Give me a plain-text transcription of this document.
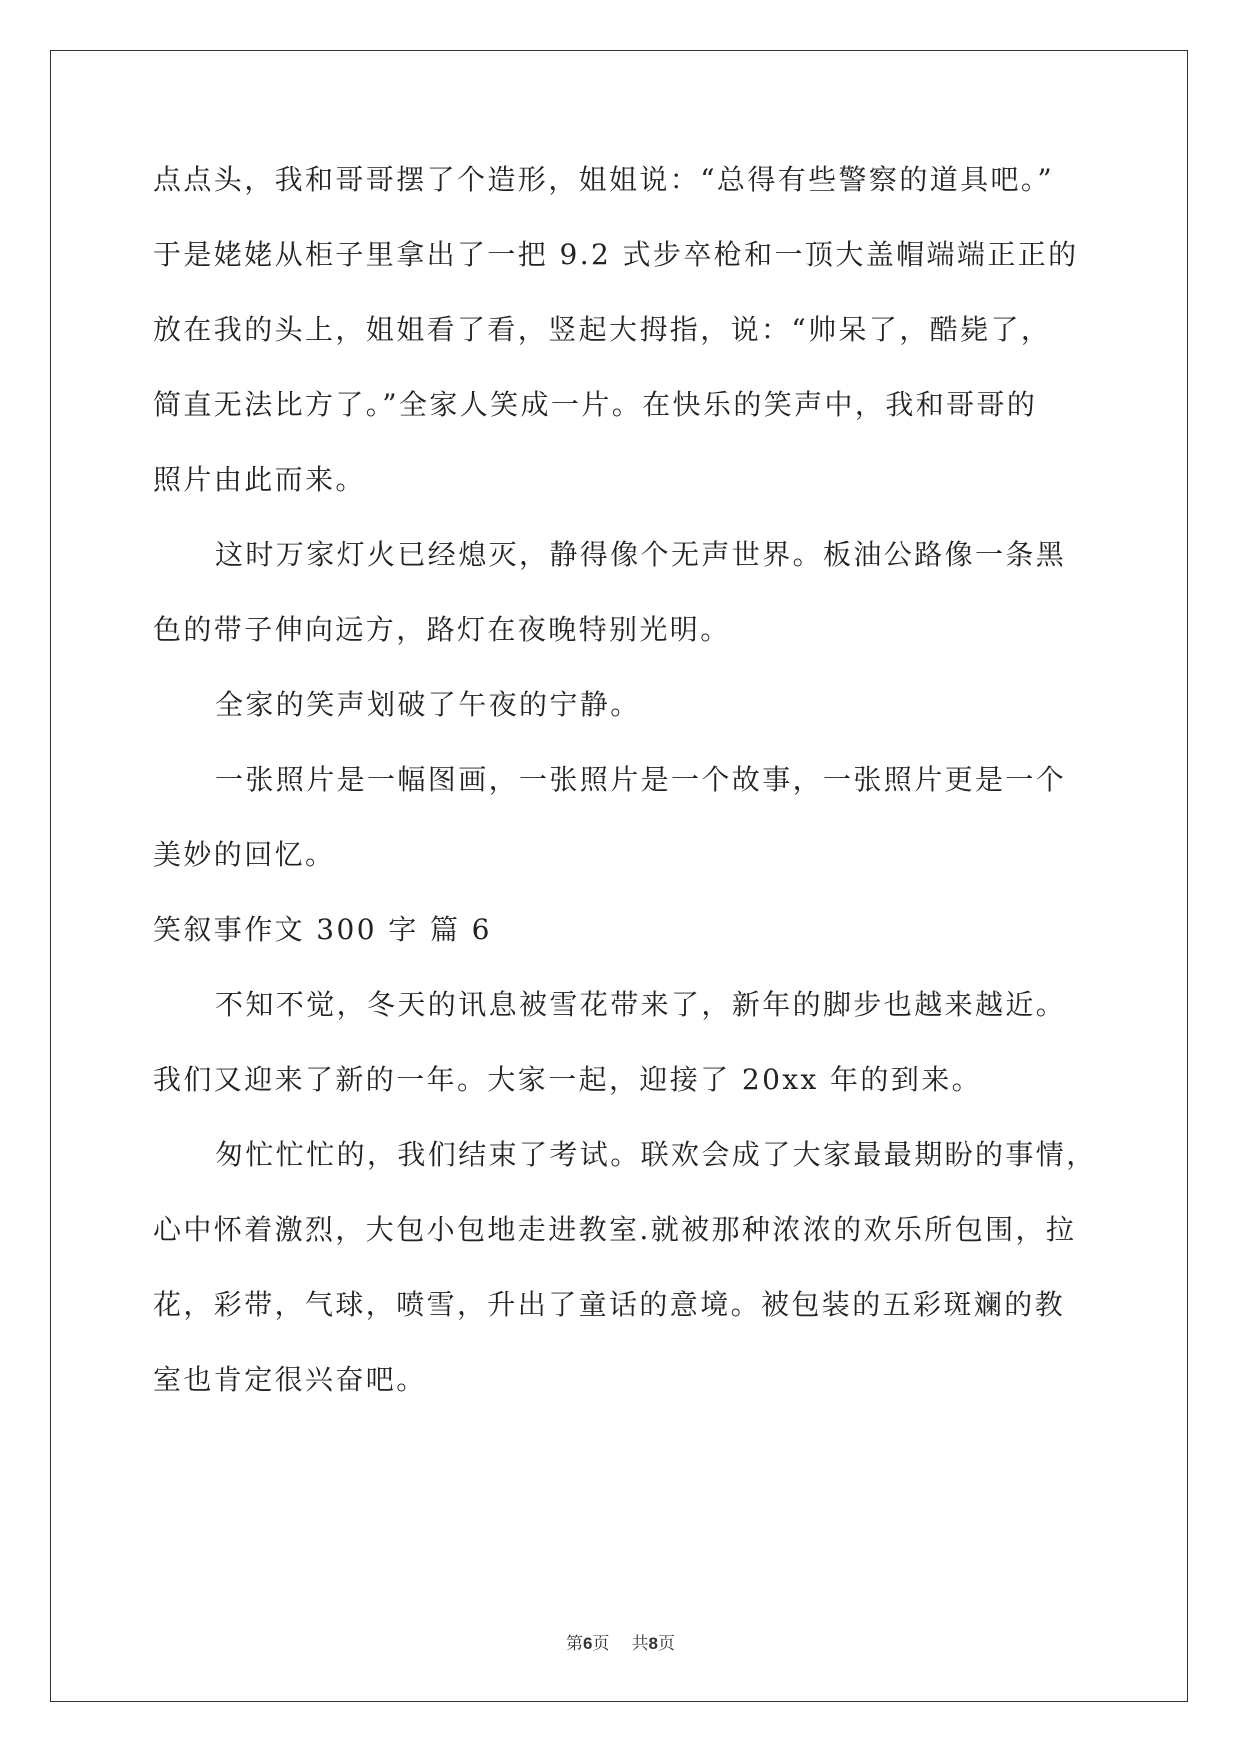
点点头，我和哥哥摆了个造形，姐姐说：“总得有些警察的道具吧。”
于是姥姥从柜子里拿出了一把 9.2 式步卒枪和一顶大盖帽端端正正的
放在我的头上，姐姐看了看，竖起大拇指，说：“帅呆了，酷毙了，
简直无法比方了。”全家人笑成一片。在快乐的笑声中，我和哥哥的
照片由此而来。
这时万家灯火已经熄灭，静得像个无声世界。板油公路像一条黑
色的带子伸向远方，路灯在夜晚特别光明。
全家的笑声划破了午夜的宁静。
一张照片是一幅图画，一张照片是一个故事，一张照片更是一个
美妙的回忆。
笑叙事作文 300 字 篇 6
不知不觉，冬天的讯息被雪花带来了，新年的脚步也越来越近。
我们又迎来了新的一年。大家一起，迎接了 20xx 年的到来。
匆忙忙忙的，我们结束了考试。联欢会成了大家最最期盼的事情，
心中怀着激烈，大包小包地走进教室.就被那种浓浓的欢乐所包围，拉
花，彩带，气球，喷雪，升出了童话的意境。被包装的五彩斑斓的教
室也肯定很兴奋吧。
第6页 共8页
